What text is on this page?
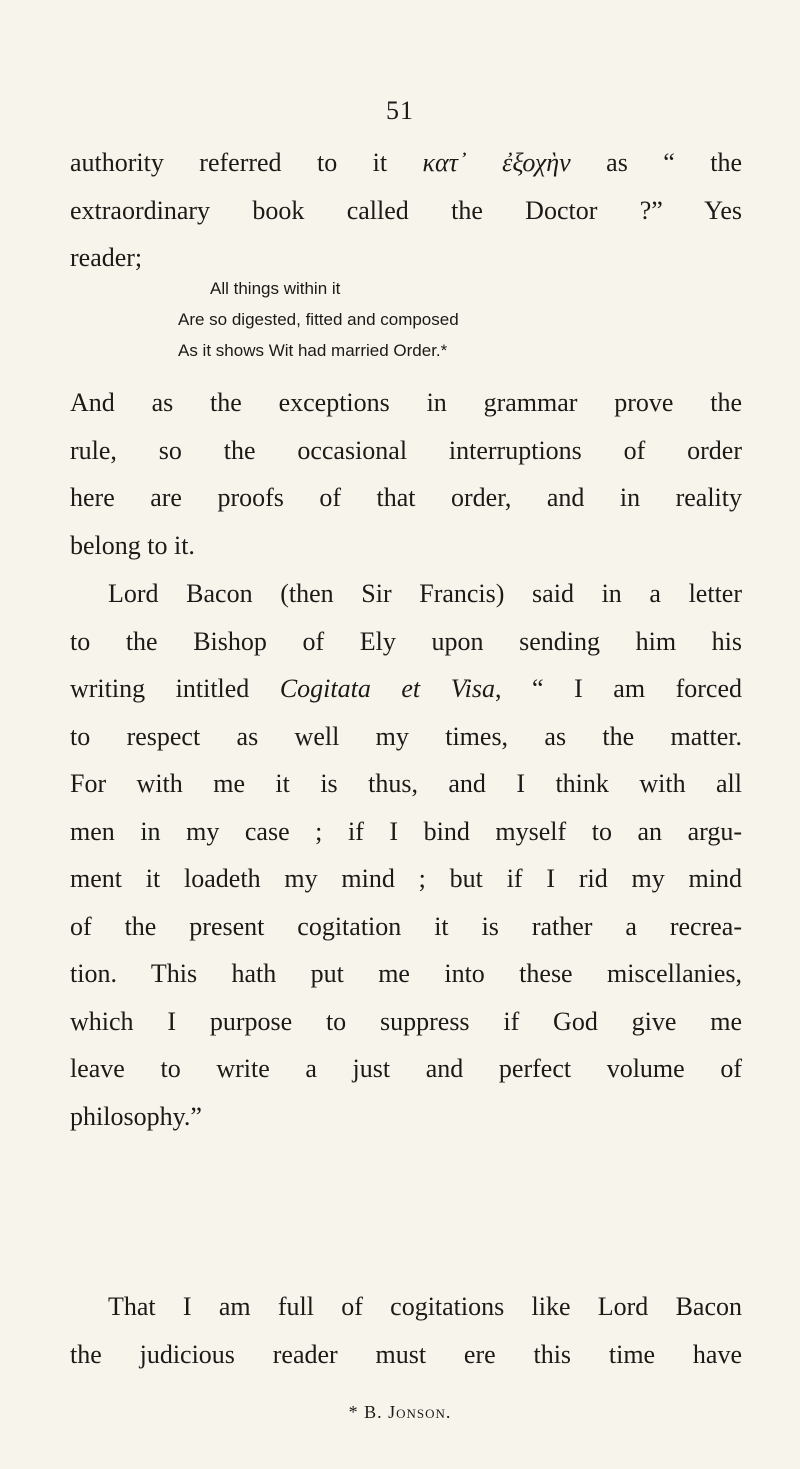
51
authority referred to it κατ᾽ ἐξοχὴν as “ the
extraordinary book called the Doctor ?” Yes
reader;
All things within it
Are so digested, fitted and composed
As it shows Wit had married Order.*
And as the exceptions in grammar prove the
rule, so the occasional interruptions of order
here are proofs of that order, and in reality
belong to it.
Lord Bacon (then Sir Francis) said in a letter
to the Bishop of Ely upon sending him his
writing intitled Cogitata et Visa, “ I am forced
to respect as well my times, as the matter.
For with me it is thus, and I think with all
men in my case ; if I bind myself to an argu-
ment it loadeth my mind ; but if I rid my mind
of the present cogitation it is rather a recrea-
tion. This hath put me into these miscellanies,
which I purpose to suppress if God give me
leave to write a just and perfect volume of
philosophy.”
That I am full of cogitations like Lord Bacon
the judicious reader must ere this time have
* B. Jonson.
